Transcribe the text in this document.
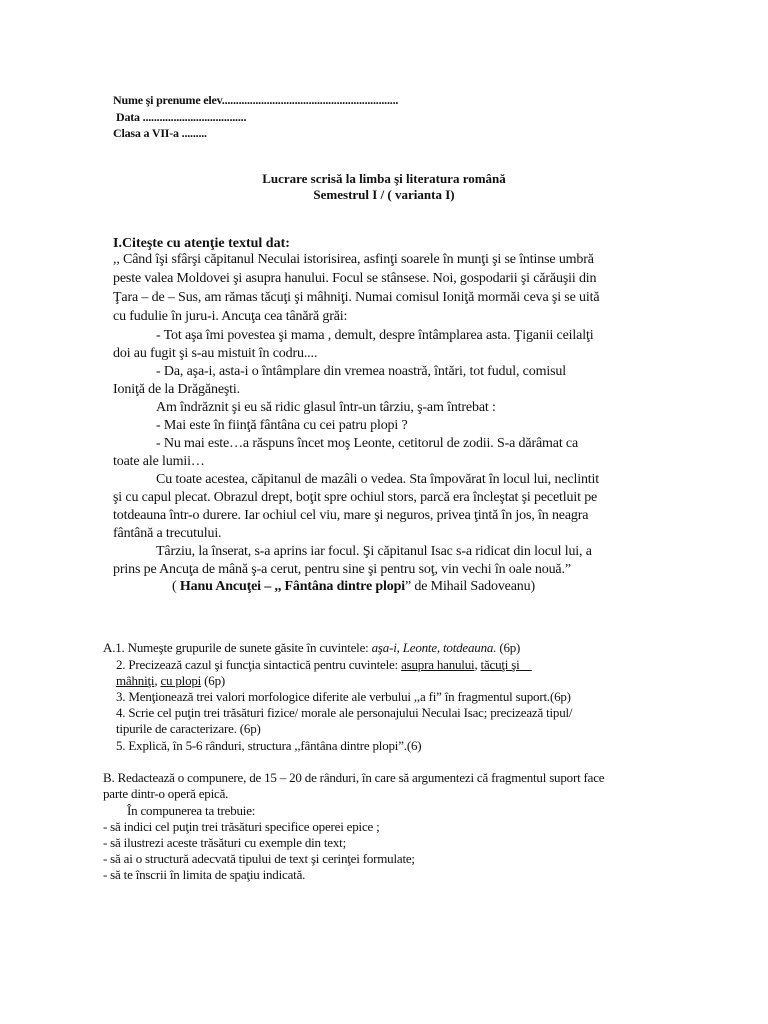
Nume şi prenume elev...............................................................
Data .....................................
Clasa a VII-a .........
Lucrare scrisă la limba şi literatura română
Semestrul I / ( varianta I)
I.Citeşte cu atenţie textul dat:
,, Când îşi sfârşi căpitanul Neculai istorisirea, asfinţi soarele în munţi şi se întinse umbră
peste valea Moldovei şi asupra hanului. Focul se stânsese. Noi, gospodarii şi cărăuşii din
Ţara – de – Sus, am rămas tăcuţi şi mâhniţi. Numai comisul Ioniţă mormăi ceva şi se uită
cu fudulie în juru-i. Ancuţa cea tânără grăi:
- Tot aşa îmi povestea şi mama , demult, despre întâmplarea asta. Ţiganii ceilalţi
doi au fugit şi s-au mistuit în codru....
- Da, aşa-i, asta-i o întâmplare din vremea noastră, întări, tot fudul, comisul
Ioniţă de la Drăgăneşti.
Am îndrăznit şi eu să ridic glasul într-un târziu, ş-am întrebat :
- Mai este în fiinţă fântâna cu cei patru plopi ?
- Nu mai este…a răspuns încet moş Leonte, cetitorul de zodii. S-a dărâmat ca
toate ale lumii…
Cu toate acestea, căpitanul de mazâli o vedea. Sta împovărat în locul lui, neclintit
şi cu capul plecat. Obrazul drept, boţit spre ochiul stors, parcă era încleştat şi pecetluit pe
totdeauna într-o durere. Iar ochiul cel viu, mare şi neguros, privea ţintă în jos, în neagra
fântână a trecutului.
Târziu, la înserat, s-a aprins iar focul. Şi căpitanul Isac s-a ridicat din locul lui, a
prins pe Ancuţa de mână ş-a cerut, pentru sine şi pentru soţ, vin vechi în oale nouă.”
( Hanu Ancuţei – ,, Fântâna dintre plopi” de Mihail Sadoveanu)
A.1. Numeşte grupurile de sunete găsite în cuvintele: aşa-i, Leonte, totdeauna. (6p)
2. Precizează cazul şi funcţia sintactică pentru cuvintele: asupra hanului, tăcuţi şi
mâhniţi, cu plopi (6p)
3. Menţionează trei valori morfologice diferite ale verbului ,,a fi” în fragmentul suport.(6p)
4. Scrie cel puţin trei trăsături fizice/ morale ale personajului Neculai Isac; precizează tipul/
tipurile de caracterizare. (6p)
5. Explică, în 5-6 rânduri, structura ,,fântâna dintre plopi”.(6)
B. Redactează o compunere, de 15 – 20 de rânduri, în care să argumentezi că fragmentul suport face
parte dintr-o operă epică.
În compunerea ta trebuie:
- să indici cel puţin trei trăsături specifice operei epice ;
- să ilustrezi aceste trăsături cu exemple din text;
- să ai o structură adecvată tipului de text şi cerinţei formulate;
- să te înscrii în limita de spaţiu indicată.
